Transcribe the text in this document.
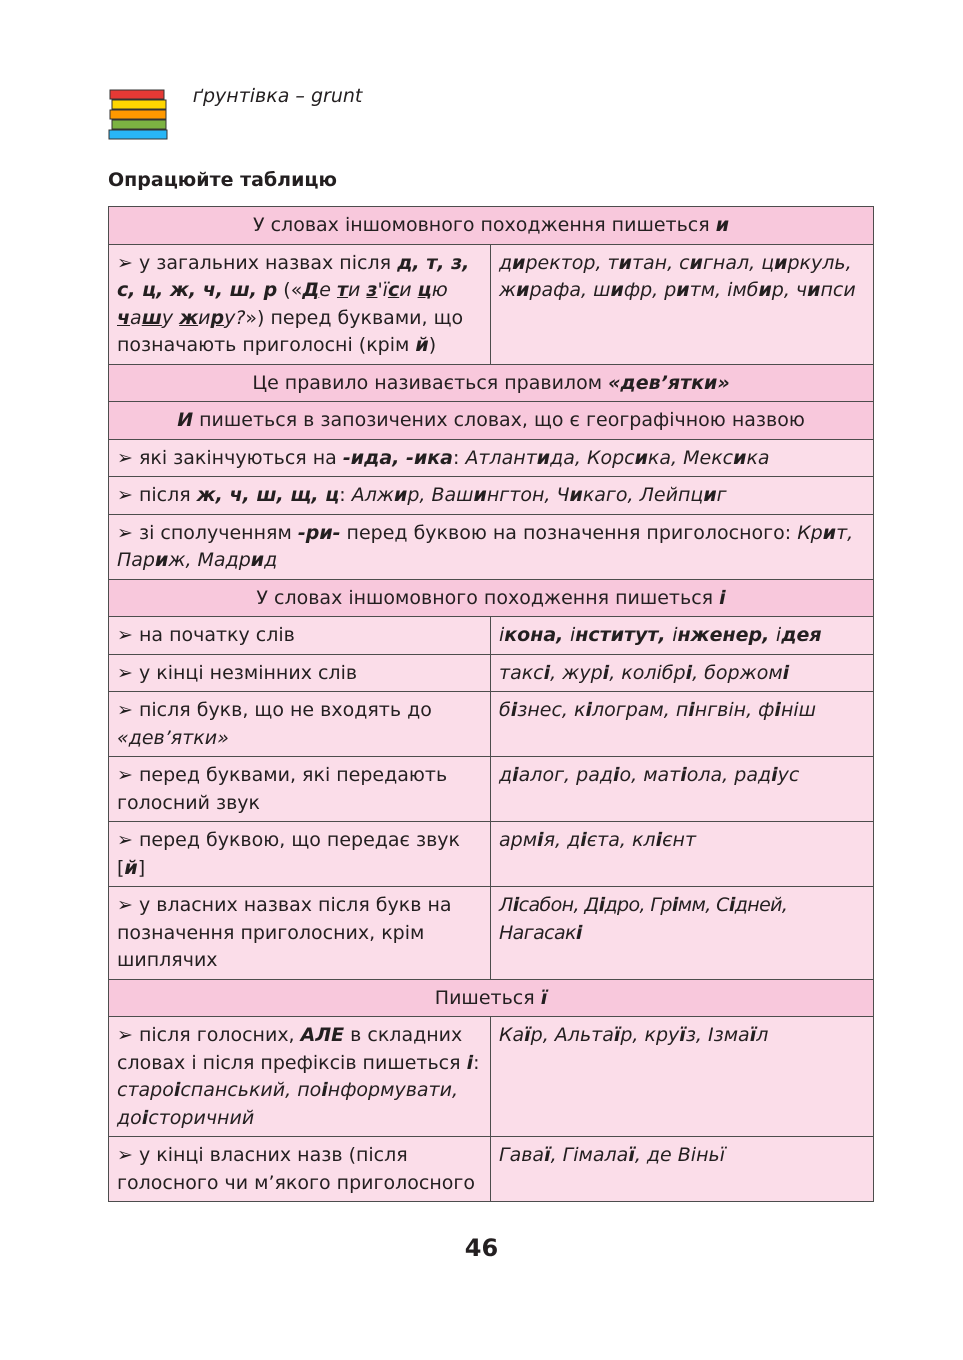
ґрунтівка – grunt
Опрацюйте таблицю
У словах іншомовного походження пишеться и	
➢ у загальних назвах після д, т, з, с, ц, ж, ч, ш, р («Де ти з'їси цю чашу жиру?») перед буквами, що позначають приголосні (крім й)	директор, титан, сигнал, циркуль, жирафа, шифр, ритм, імбир, чипси
Це правило називається правилом «дев’ятки»	
И пишеться в запозичених словах, що є географічною назвою	
➢ які закінчуються на -ида, -ика: Атлантида, Корсика, Мексика	
➢ після ж, ч, ш, щ, ц: Алжир, Вашингтон, Чикаго, Лейпциг	
➢ зі сполученням -ри- перед буквою на позначення приголосного: Крит, Париж, Мадрид	
У словах іншомовного походження пишеться і	
➢ на початку слів	ікона, інститут, інженер, ідея
➢ у кінці незмінних слів	таксі, журі, колібрі, боржомі
➢ після букв, що не входять до «дев’ятки»	бізнес, кілограм, пінгвін, фініш
➢ перед буквами, які передають голосний звук	діалог, радіо, матіола, радіус
➢ перед буквою, що передає звук [й]	армія, дієта, клієнт
➢ у власних назвах після букв на позначення приголосних, крім шиплячих	Лісабон, Дідро, Грімм, Сідней, Нагасакі
Пишеться ї	
➢ після голосних, АЛЕ в складних словах і після префіксів пишеться і: староіспанський, поінформувати, доісторичний	Каїр, Альтаїр, круїз, Ізмаїл
➢ у кінці власних назв (після голосного чи м’якого приголосного	Гаваї, Гімалаї, де Віньї
46
